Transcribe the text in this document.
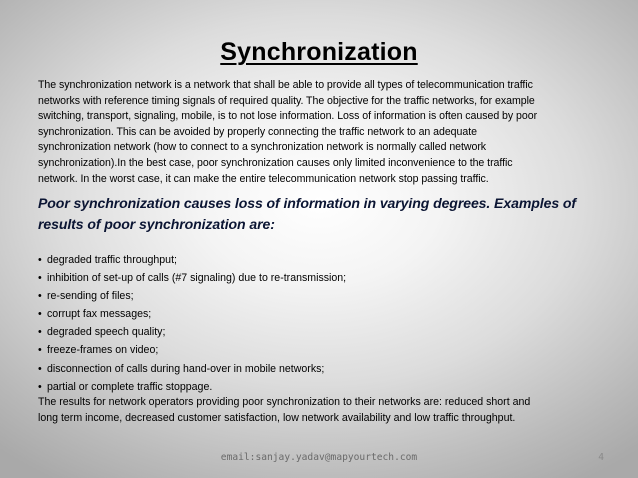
Synchronization
The synchronization network is a network that shall be able to provide all types of telecommunication traffic
networks with reference timing signals of required quality. The objective for the traffic networks, for example
switching, transport, signaling, mobile, is to not lose information. Loss of information is often caused by poor
synchronization. This can be avoided by properly connecting the traffic network to an adequate
synchronization network (how to connect to a synchronization network is normally called network
synchronization).In the best case, poor synchronization causes only limited inconvenience to the traffic
network. In the worst case, it can make the entire telecommunication network stop passing traffic.
Poor synchronization causes loss of information in varying degrees. Examples of
results of poor synchronization are:
• degraded traffic throughput;
• inhibition of set-up of calls (#7 signaling) due to re-transmission;
• re-sending of files;
• corrupt fax messages;
• degraded speech quality;
• freeze-frames on video;
• disconnection of calls during hand-over in mobile networks;
• partial or complete traffic stoppage.
The results for network operators providing poor synchronization to their networks are: reduced short and
long term income, decreased customer satisfaction, low network availability and low traffic throughput.
email:sanjay.yadav@mapyourtech.com	4
